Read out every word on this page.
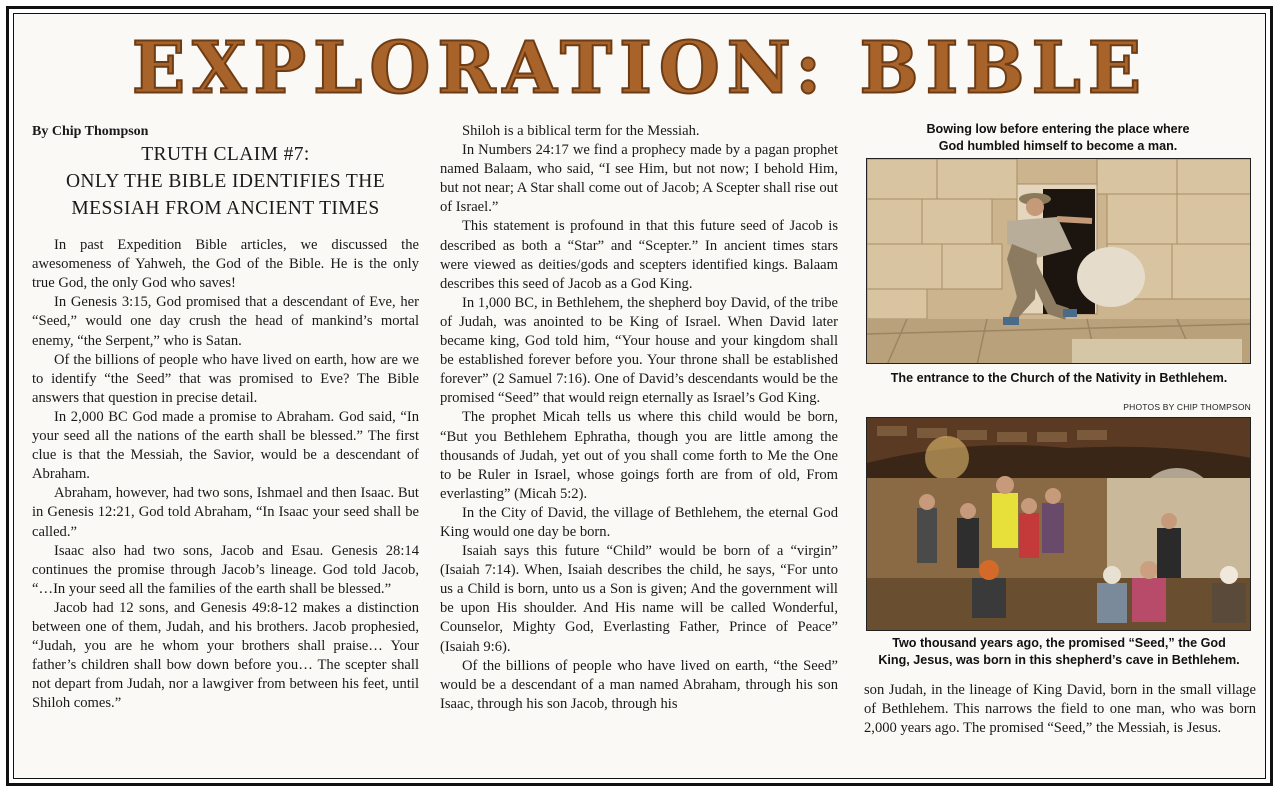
EXPLORATION: BIBLE

By Chip Thompson

TRUTH CLAIM #7:
ONLY THE BIBLE IDENTIFIES THE
MESSIAH FROM ANCIENT TIMES

In past Expedition Bible articles, we discussed the awesomeness of Yahweh, the God of the Bible. He is the only true God, the only God who saves!

In Genesis 3:15, God promised that a descendant of Eve, her “Seed,” would one day crush the head of mankind’s mortal enemy, “the Serpent,” who is Satan.

Of the billions of people who have lived on earth, how are we to identify “the Seed” that was promised to Eve? The Bible answers that question in precise detail.

In 2,000 BC God made a promise to Abraham. God said, “In your seed all the nations of the earth shall be blessed.” The first clue is that the Messiah, the Savior, would be a descendant of Abraham.

Abraham, however, had two sons, Ishmael and then Isaac. But in Genesis 12:21, God told Abraham, “In Isaac your seed shall be called.”

Isaac also had two sons, Jacob and Esau. Genesis 28:14 continues the promise through Jacob’s lineage. God told Jacob, “…In your seed all the families of the earth shall be blessed.”

Jacob had 12 sons, and Genesis 49:8-12 makes a distinction between one of them, Judah, and his brothers. Jacob prophesied, “Judah, you are he whom your brothers shall praise… Your father’s children shall bow down before you… The scepter shall not depart from Judah, nor a lawgiver from between his feet, until Shiloh comes.”

Shiloh is a biblical term for the Messiah.

In Numbers 24:17 we find a prophecy made by a pagan prophet named Balaam, who said, “I see Him, but not now; I behold Him, but not near; A Star shall come out of Jacob; A Scepter shall rise out of Israel.”

This statement is profound in that this future seed of Jacob is described as both a “Star” and “Scepter.” In ancient times stars were viewed as deities/gods and scepters identified kings. Balaam describes this seed of Jacob as a God King.

In 1,000 BC, in Bethlehem, the shepherd boy David, of the tribe of Judah, was anointed to be King of Israel. When David later became king, God told him, “Your house and your kingdom shall be established forever before you. Your throne shall be established forever” (2 Samuel 7:16). One of David’s descendants would be the promised “Seed” that would reign eternally as Israel’s God King.

The prophet Micah tells us where this child would be born, “But you Bethlehem Ephratha, though you are little among the thousands of Judah, yet out of you shall come forth to Me the One to be Ruler in Israel, whose goings forth are from of old, From everlasting” (Micah 5:2).

In the City of David, the village of Bethlehem, the eternal God King would one day be born.

Isaiah says this future “Child” would be born of a “virgin” (Isaiah 7:14). When, Isaiah describes the child, he says, “For unto us a Child is born, unto us a Son is given; And the government will be upon His shoulder. And His name will be called Wonderful, Counselor, Mighty God, Everlasting Father, Prince of Peace” (Isaiah 9:6).

Of the billions of people who have lived on earth, “the Seed” would be a descendant of a man named Abraham, through his son Isaac, through his son Jacob, through his

Bowing low before entering the place where
God humbled himself to become a man.
The entrance to the Church of the Nativity in Bethlehem.
PHOTOS BY CHIP THOMPSON
Two thousand years ago, the promised “Seed,” the God
King, Jesus, was born in this shepherd’s cave in Bethlehem.

son Judah, in the lineage of King David, born in the small village of Bethlehem. This narrows the field to one man, who was born 2,000 years ago. The promised “Seed,” the Messiah, is Jesus.
